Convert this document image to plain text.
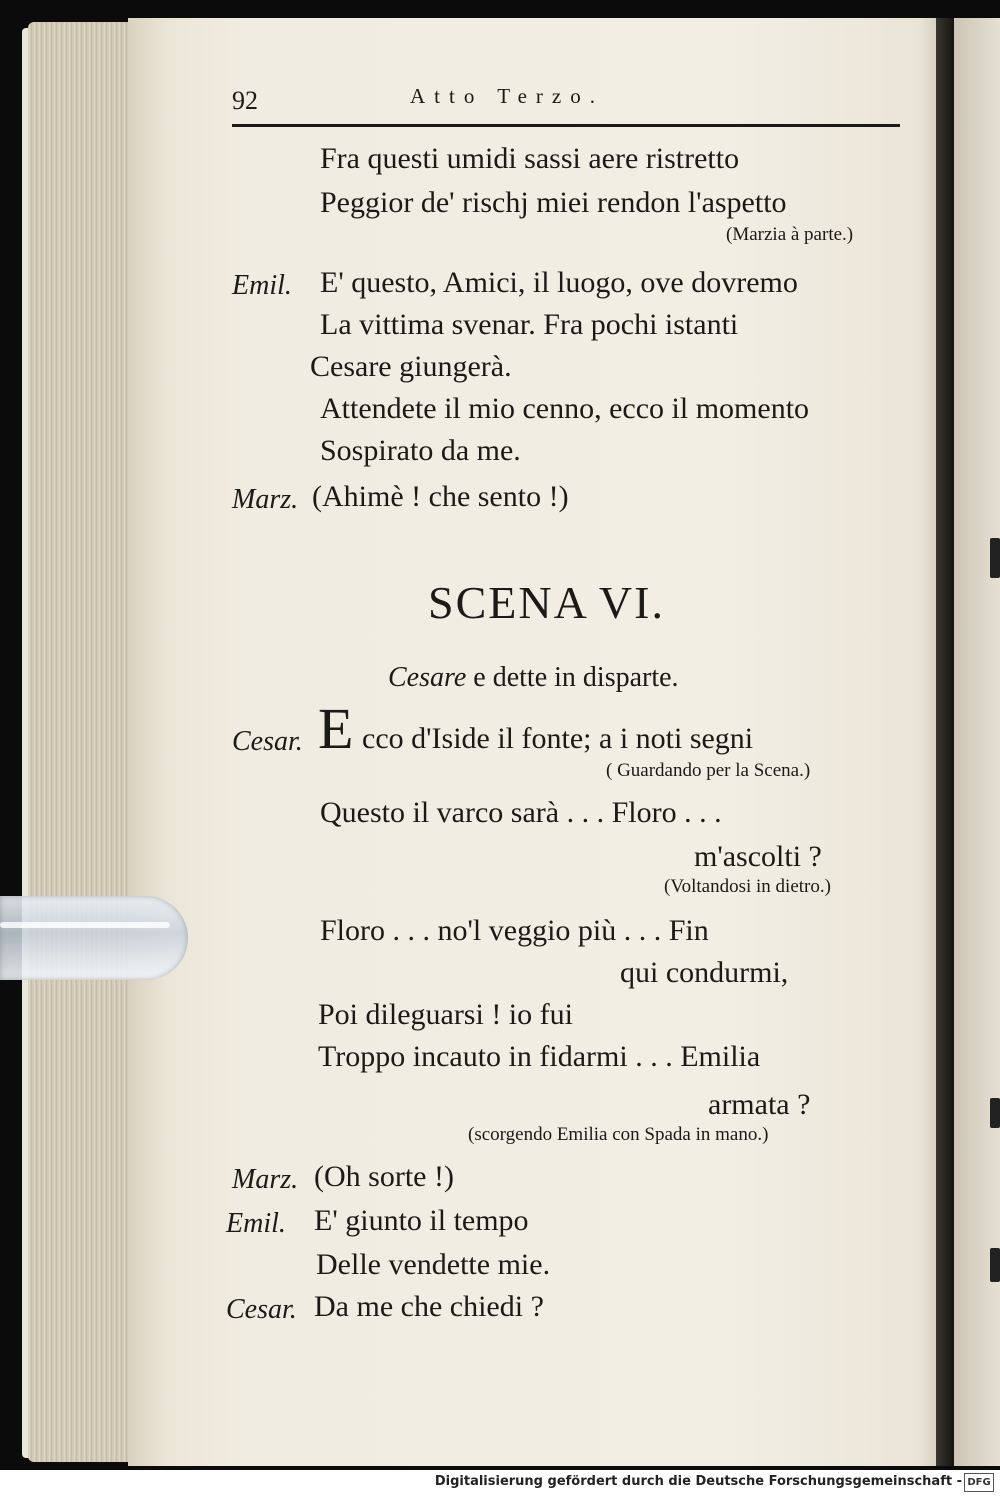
92	Atto Terzo.
Fra questi umidi sassi aere ristretto
Peggior de' rischj miei rendon l'aspetto
(Marzia à parte.)
Emil. E' questo, Amici, il luogo, ove dovremo
La vittima svenar. Fra pochi istanti
Cesare giungerà.
Attendete il mio cenno, ecco il momento
Sospirato da me.
Marz. (Ahimè ! che sento !)
SCENA VI.
Cesare e dette in disparte.
Cesar. E cco d'Iside il fonte; a i noti segni
( Guardando per la Scena.)
Questo il varco sarà . . . Floro . . .
m'ascolti ?
(Voltandosi in dietro.)
Floro . . . no'l veggio più . . . Fin
qui condurmi,
Poi dileguarsi ! io fui
Troppo incauto in fidarmi . . . Emilia
armata ?
(scorgendo Emilia con Spada in mano.)
Marz. (Oh sorte !)
Emil. E' giunto il tempo
Delle vendette mie.
Cesar. Da me che chiedi ?
Digitalisierung gefördert durch die Deutsche Forschungsgemeinschaft - DFG
